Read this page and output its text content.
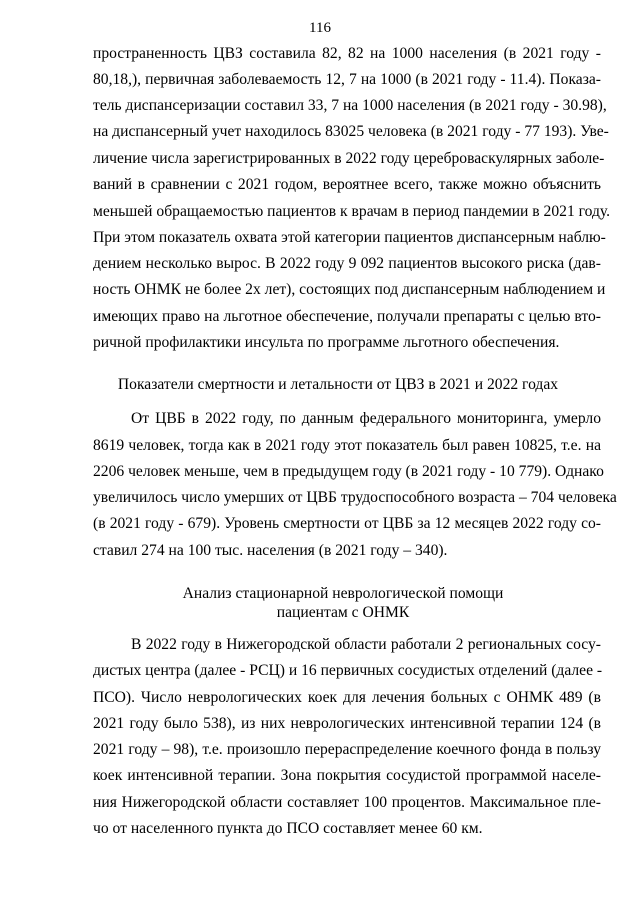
116
пространенность ЦВЗ составила 82, 82 на 1000 населения (в 2021 году -
80,18,), первичная заболеваемость 12, 7 на 1000 (в 2021 году - 11.4). Показа-
тель диспансеризации составил 33, 7 на 1000 населения (в 2021 году - 30.98),
на диспансерный учет находилось 83025 человека (в 2021 году - 77 193). Уве-
личение числа зарегистрированных в 2022 году цереброваскулярных заболе-
ваний в сравнении с 2021 годом, вероятнее всего, также можно объяснить
меньшей обращаемостью пациентов к врачам в период пандемии в 2021 году.
При этом показатель охвата этой категории пациентов диспансерным наблю-
дением несколько вырос. В 2022 году 9 092 пациентов высокого риска (дав-
ность ОНМК не более 2х лет), состоящих под диспансерным наблюдением и
имеющих право на льготное обеспечение, получали препараты с целью вто-
ричной профилактики инсульта по программе льготного обеспечения.
Показатели смертности и летальности от ЦВЗ в 2021 и 2022 годах
От ЦВБ в 2022 году, по данным федерального мониторинга, умерло
8619 человек, тогда как в 2021 году этот показатель был равен 10825, т.е. на
2206 человек меньше, чем в предыдущем году (в 2021 году - 10 779). Однако
увеличилось число умерших от ЦВБ трудоспособного возраста – 704 человека
(в 2021 году - 679). Уровень смертности от ЦВБ за 12 месяцев 2022 году со-
ставил 274 на 100 тыс. населения (в 2021 году – 340).
Анализ стационарной неврологической помощи
пациентам с ОНМК
В 2022 году в Нижегородской области работали 2 региональных сосу-
дистых центра (далее - РСЦ) и 16 первичных сосудистых отделений (далее -
ПСО). Число неврологических коек для лечения больных с ОНМК 489 (в
2021 году было 538), из них неврологических интенсивной терапии 124 (в
2021 году – 98), т.е. произошло перераспределение коечного фонда в пользу
коек интенсивной терапии. Зона покрытия сосудистой программой населе-
ния Нижегородской области составляет 100 процентов. Максимальное пле-
чо от населенного пункта до ПСО составляет менее 60 км.
